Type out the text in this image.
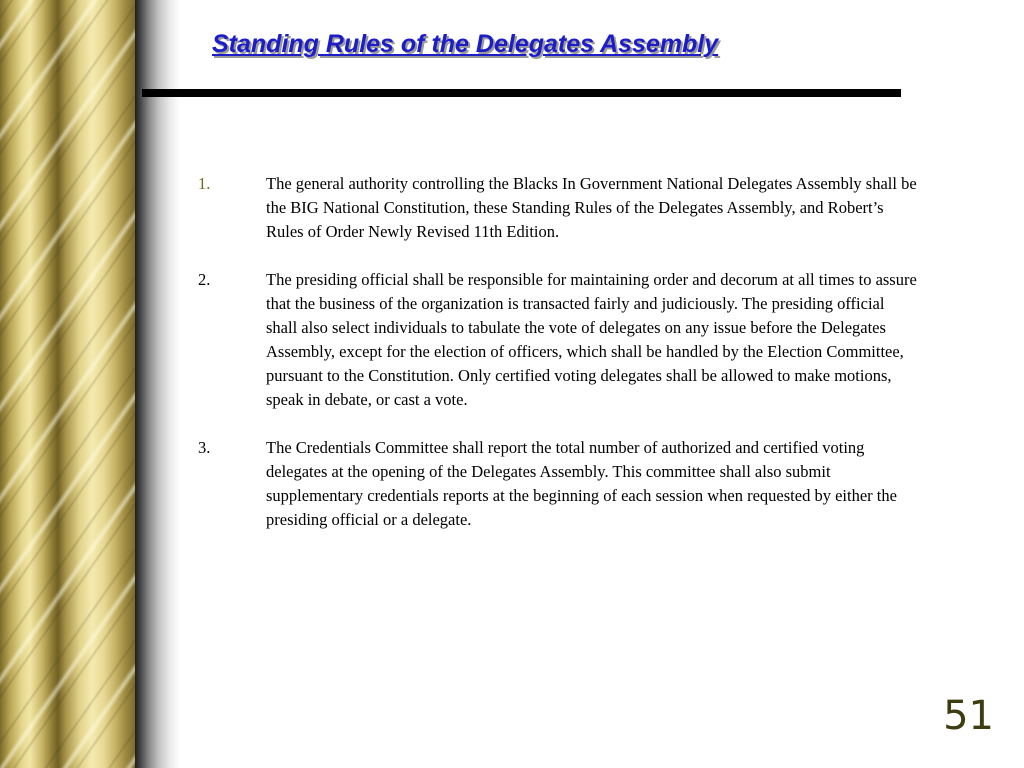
Standing Rules of the Delegates Assembly
1.	The general authority controlling the Blacks In Government National Delegates Assembly shall be the BIG National Constitution, these Standing Rules of the Delegates Assembly, and Robert’s Rules of Order Newly Revised 11th Edition.
2.	The presiding official shall be responsible for maintaining order and decorum at all times to assure that the business of the organization is transacted fairly and judiciously. The presiding official shall also select individuals to tabulate the vote of delegates on any issue before the Delegates Assembly, except for the election of officers, which shall be handled by the Election Committee, pursuant to the Constitution. Only certified voting delegates shall be allowed to make motions, speak in debate, or cast a vote.
3.	The Credentials Committee shall report the total number of authorized and certified voting delegates at the opening of the Delegates Assembly. This committee shall also submit supplementary credentials reports at the beginning of each session when requested by either the presiding official or a delegate.

51
